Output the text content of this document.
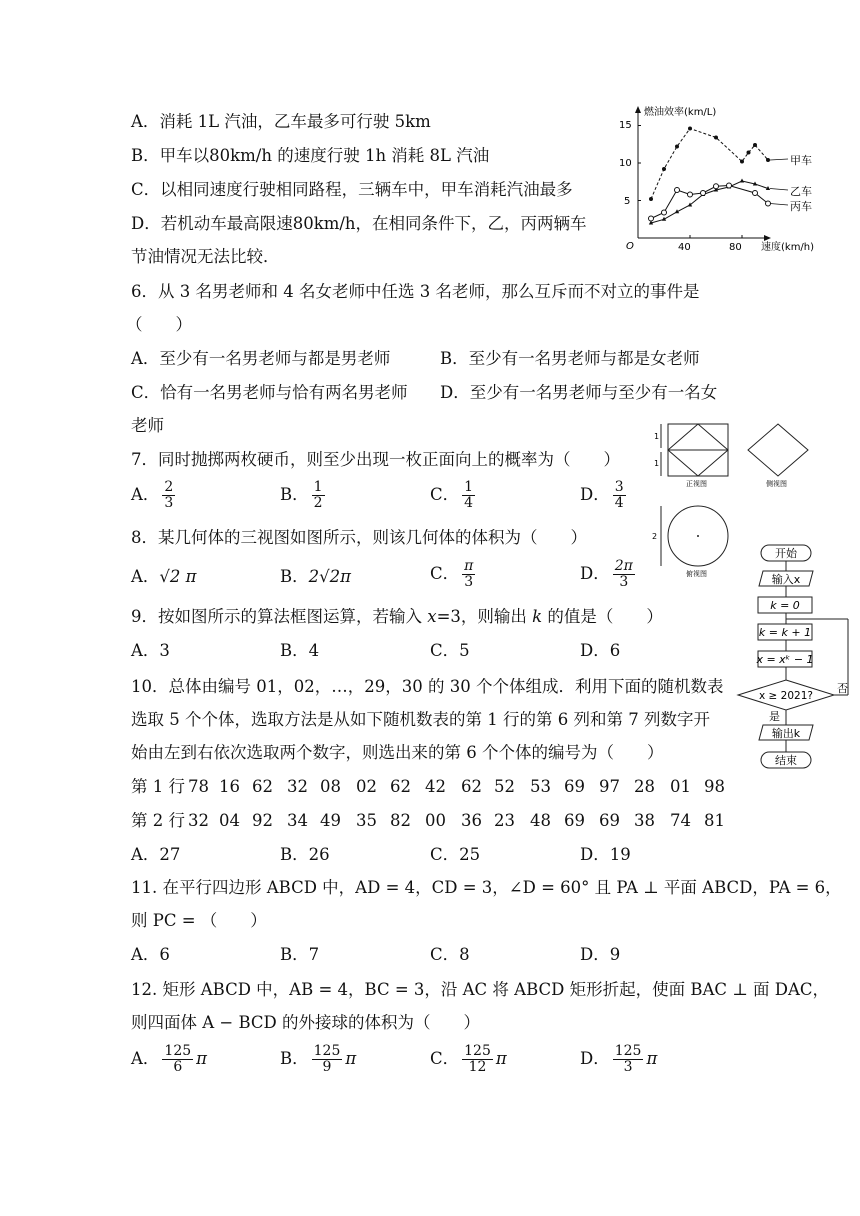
A．消耗 1L 汽油，乙车最多可行驶 5km
B．甲车以80km/h 的速度行驶 1h 消耗 8L 汽油
C．以相同速度行驶相同路程，三辆车中，甲车消耗汽油最多
D．若机动车最高限速80km/h，在相同条件下，乙，丙两辆车
节油情况无法比较．
燃油效率(km/L)
速度(km/h)
O
5
10
15
40	80
甲车
乙车
丙车
6．从 3 名男老师和 4 名女老师中任选 3 名老师，那么互斥而不对立的事件是
（　　）
A．至少有一名男老师与都是男老师	B．至少有一名男老师与都是女老师
C．恰有一名男老师与恰有两名男老师 D．至少有一名男老师与至少有一名女
老师
1
1
2
正视图	侧视图
俯视图
7．同时抛掷两枚硬币，则至少出现一枚正面向上的概率为（　　）
A． $\frac{2}{3}$	B． $\frac{1}{2}$	C． $\frac{1}{4}$	D． $\frac{3}{4}$
8．某几何体的三视图如图所示，则该几何体的体积为（　　）
A．√2 π	B．2√2π	C． $\frac{\pi}{3}$	D． $\frac{2\pi}{3}$
开始
输入x
k = 0
k = k + 1
x = xᵏ − 1
x ≥ 2021?
否
是
输出k
结束
9．按如图所示的算法框图运算，若输入 x=3，则输出 k 的值是（　　）
A．3	B．4	C．5	D．6
10．总体由编号 01，02，…，29，30 的 30 个个体组成．利用下面的随机数表
选取 5 个个体，选取方法是从如下随机数表的第 1 行的第 6 列和第 7 列数字开
始由左到右依次选取两个数字，则选出来的第 6 个个体的编号为（　　）
第 1 行 78 16 62 32 08 02 62 42 62 52 53 69 97 28 01 98
第 2 行 32 04 92 34 49 35 82 00 36 23 48 69 69 38 74 81
A．27	B．26	C．25	D．19
11. 在平行四边形 ABCD 中，AD = 4，CD = 3，∠D = 60° 且 PA ⊥ 平面 ABCD，PA = 6，
则 PC = （　　）
A．6	B．7	C．8	D．9
12. 矩形 ABCD 中，AB = 4，BC = 3，沿 AC 将 ABCD 矩形折起，使面 BAC ⊥ 面 DAC，
则四面体 A − BCD 的外接球的体积为（　　）
A． $\frac{125}{6}$ π	B． $\frac{125}{9}$ π	C． $\frac{125}{12}$ π	D． $\frac{125}{3}$ π
